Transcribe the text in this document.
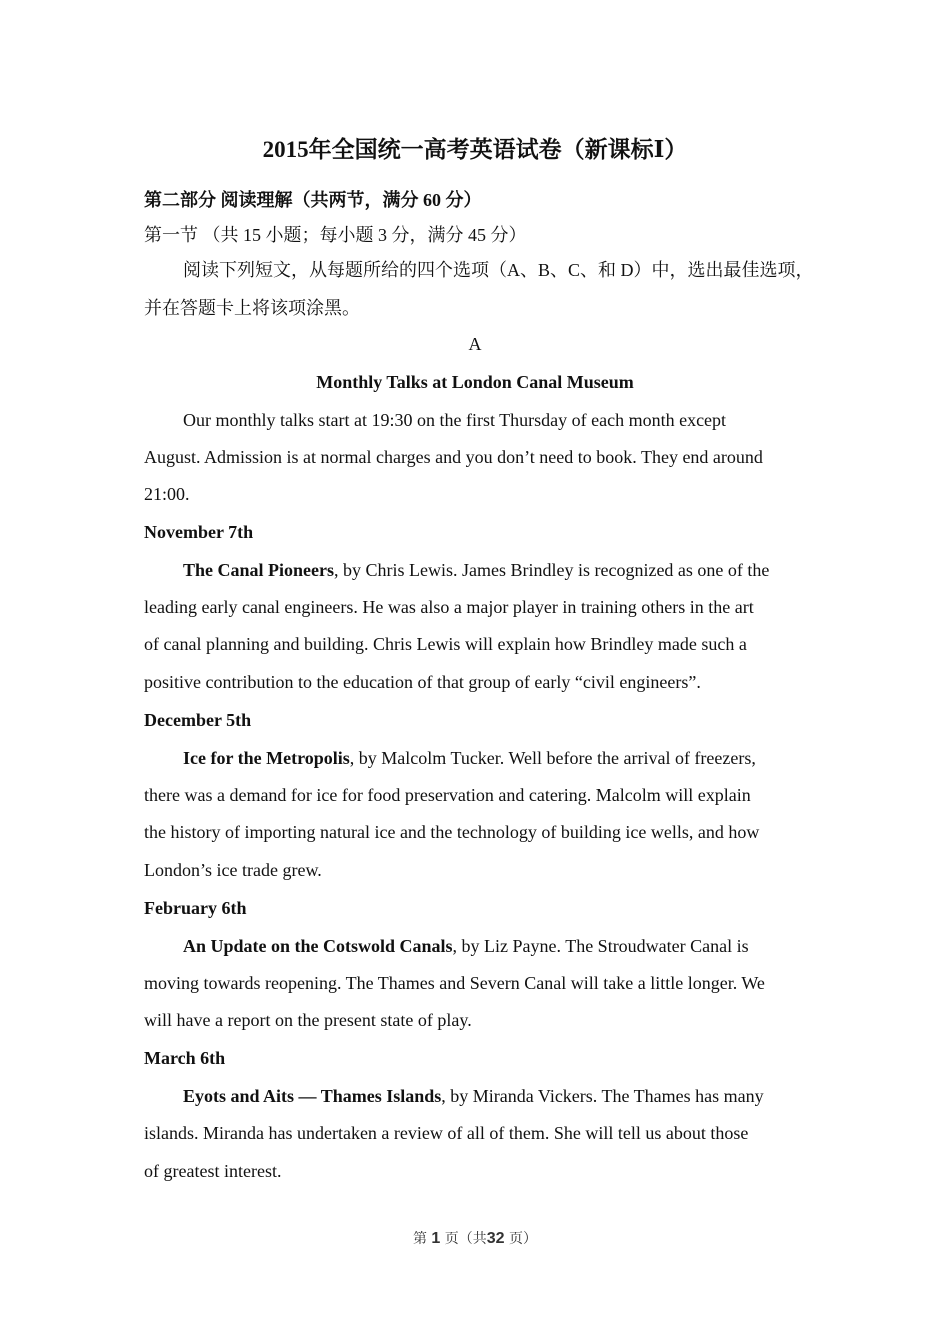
2015年全国统一高考英语试卷（新课标Ⅰ）
第二部分 阅读理解（共两节，满分 60 分）
第一节 （共 15 小题；每小题 3 分，满分 45 分）
阅读下列短文，从每题所给的四个选项（A、B、C、和 D）中，选出最佳选项，
并在答题卡上将该项涂黑。
A
Monthly Talks at London Canal Museum
Our monthly talks start at 19:30 on the first Thursday of each month except
August. Admission is at normal charges and you don’t need to book. They end around
21:00.
November 7th
The Canal Pioneers, by Chris Lewis. James Brindley is recognized as one of the
leading early canal engineers. He was also a major player in training others in the art
of canal planning and building. Chris Lewis will explain how Brindley made such a
positive contribution to the education of that group of early “civil engineers”.
December 5th
Ice for the Metropolis, by Malcolm Tucker. Well before the arrival of freezers,
there was a demand for ice for food preservation and catering. Malcolm will explain
the history of importing natural ice and the technology of building ice wells, and how
London’s ice trade grew.
February 6th
An Update on the Cotswold Canals, by Liz Payne. The Stroudwater Canal is
moving towards reopening. The Thames and Severn Canal will take a little longer. We
will have a report on the present state of play.
March 6th
Eyots and Aits — Thames Islands, by Miranda Vickers. The Thames has many
islands. Miranda has undertaken a review of all of them. She will tell us about those
of greatest interest.
第 1 页（共32 页）
